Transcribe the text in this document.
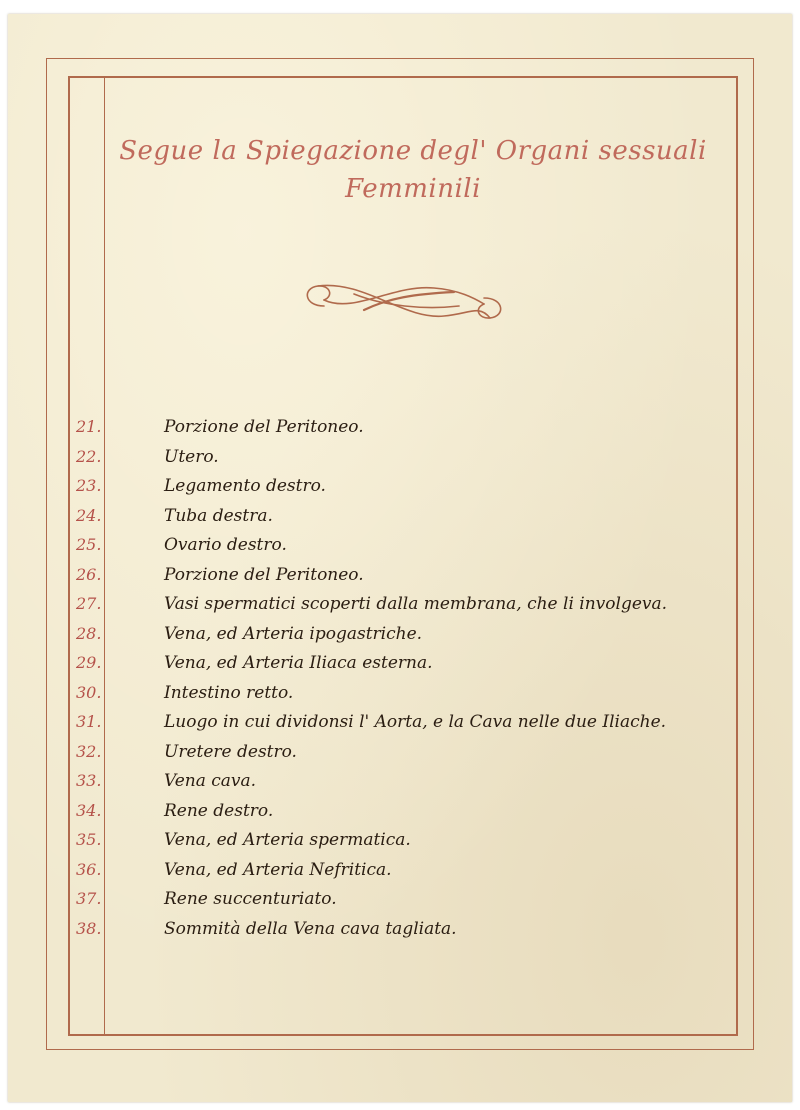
Segue la Spiegazione degl' Organi sessuali
Femminili
21.	Porzione del Peritoneo.
22.	Utero.
23.	Legamento destro.
24.	Tuba destra.
25.	Ovario destro.
26.	Porzione del Peritoneo.
27.	Vasi spermatici scoperti dalla membrana, che li involgeva.
28.	Vena, ed Arteria ipogastriche.
29.	Vena, ed Arteria Iliaca esterna.
30.	Intestino retto.
31.	Luogo in cui dividonsi l' Aorta, e la Cava nelle due Iliache.
32.	Uretere destro.
33.	Vena cava.
34.	Rene destro.
35.	Vena, ed Arteria spermatica.
36.	Vena, ed Arteria Nefritica.
37.	Rene succenturiato.
38.	Sommità della Vena cava tagliata.
